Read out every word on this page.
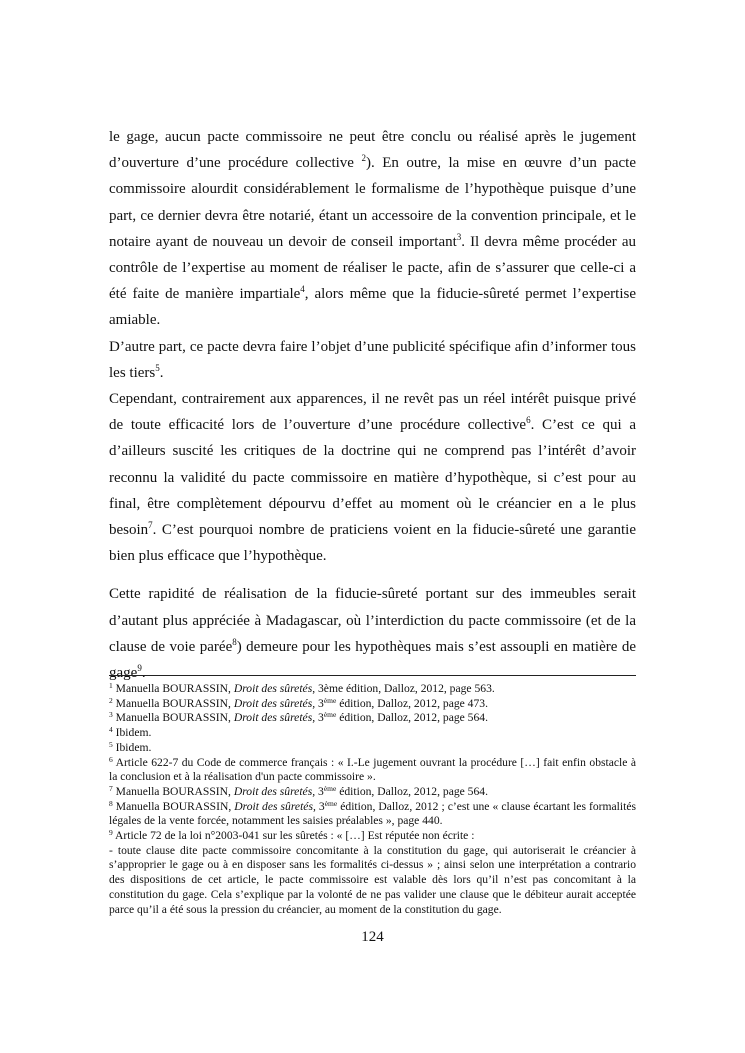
le gage, aucun pacte commissoire ne peut être conclu ou réalisé après le jugement d’ouverture d’une procédure collective $^2$). En outre, la mise en œuvre d’un pacte commissoire alourdit considérablement le formalisme de l’hypothèque puisque d’une part, ce dernier devra être notarié, étant un accessoire de la convention principale, et le notaire ayant de nouveau un devoir de conseil important$^3$. Il devra même procéder au contrôle de l’expertise au moment de réaliser le pacte, afin de s’assurer que celle-ci a été faite de manière impartiale$^4$, alors même que la fiducie-sûreté permet l’expertise amiable.

D’autre part, ce pacte devra faire l’objet d’une publicité spécifique afin d’informer tous les tiers$^5$.

Cependant, contrairement aux apparences, il ne revêt pas un réel intérêt puisque privé de toute efficacité lors de l’ouverture d’une procédure collective$^6$. C’est ce qui a d’ailleurs suscité les critiques de la doctrine qui ne comprend pas l’intérêt d’avoir reconnu la validité du pacte commissoire en matière d’hypothèque, si c’est pour au final, être complètement dépourvu d’effet au moment où le créancier en a le plus besoin$^7$. C’est pourquoi nombre de praticiens voient en la fiducie-sûreté une garantie bien plus efficace que l’hypothèque.

Cette rapidité de réalisation de la fiducie-sûreté portant sur des immeubles serait d’autant plus appréciée à Madagascar, où l’interdiction du pacte commissoire (et de la clause de voie parée$^8$) demeure pour les hypothèques mais s’est assoupli en matière de gage$^9$.

$^1$ Manuella BOURASSIN, Droit des sûretés, 3ème édition, Dalloz, 2012, page 563.

$^2$ Manuella BOURASSIN, Droit des sûretés, 3ème édition, Dalloz, 2012, page 473.

$^3$ Manuella BOURASSIN, Droit des sûretés, 3ème édition, Dalloz, 2012, page 564.

$^4$ Ibidem.

$^5$ Ibidem.

$^6$ Article 622-7 du Code de commerce français : « I.-Le jugement ouvrant la procédure […] fait enfin obstacle à la conclusion et à la réalisation d'un pacte commissoire ».

$^7$ Manuella BOURASSIN, Droit des sûretés, 3ème édition, Dalloz, 2012, page 564.

$^8$ Manuella BOURASSIN, Droit des sûretés, 3ème édition, Dalloz, 2012 ; c’est une « clause écartant les formalités légales de la vente forcée, notamment les saisies préalables », page 440.

$^9$ Article 72 de la loi n°2003-041 sur les sûretés : « […] Est réputée non écrite :

- toute clause dite pacte commissoire concomitante à la constitution du gage, qui autoriserait le créancier à s’approprier le gage ou à en disposer sans les formalités ci-dessus » ; ainsi selon une interprétation a contrario des dispositions de cet article, le pacte commissoire est valable dès lors qu’il n’est pas concomitant à la constitution du gage. Cela s’explique par la volonté de ne pas valider une clause que le débiteur aurait acceptée parce qu’il a été sous la pression du créancier, au moment de la constitution du gage.

124
